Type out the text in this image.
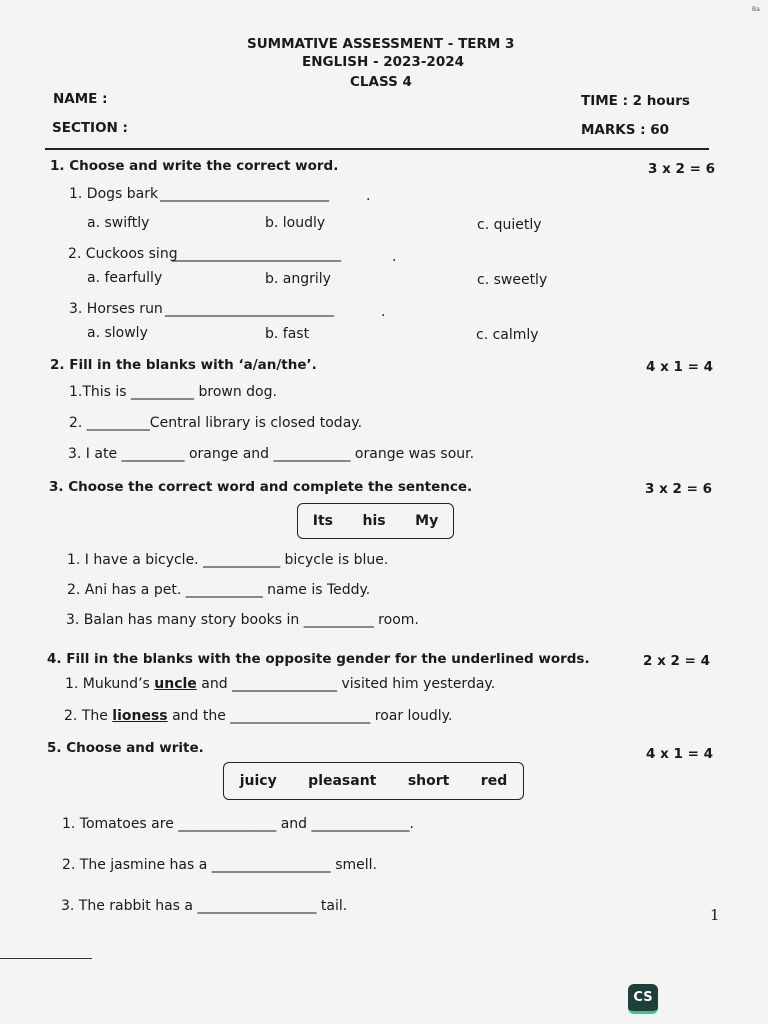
Ba
SUMMATIVE ASSESSMENT - TERM 3
ENGLISH - 2023-2024
CLASS 4
NAME :	TIME : 2 hours
SECTION :	MARKS : 60
1. Choose and write the correct word.	3 x 2 = 6
1. Dogs bark ____________________________	.
a. swiftly	b. loudly	c. quietly
2. Cuckoos sing
____________________________	.
a. fearfully	b. angrily	c. sweetly
3. Horses run ____________________________	.
a. slowly	b. fast	c. calmly
2. Fill in the blanks with ‘a/an/the’.	4 x 1 = 4
1.This is _________ brown dog.
2. _________Central library is closed today.
3. I ate _________ orange and ___________ orange was sour.
3. Choose the correct word and complete the sentence.	3 x 2 = 6
Its his My
1. I have a bicycle. ___________ bicycle is blue.
2. Ani has a pet. ___________ name is Teddy.
3. Balan has many story books in __________ room.
4. Fill in the blanks with the opposite gender for the underlined words.	2 x 2 = 4
1. Mukund’s uncle and _______________ visited him yesterday.
2. The lioness and the ____________________ roar loudly.
5. Choose and write.	4 x 1 = 4
juicy pleasant short red
1. Tomatoes are ______________ and ______________.
2. The jasmine has a _________________ smell.
3. The rabbit has a _________________ tail.	1
CS
